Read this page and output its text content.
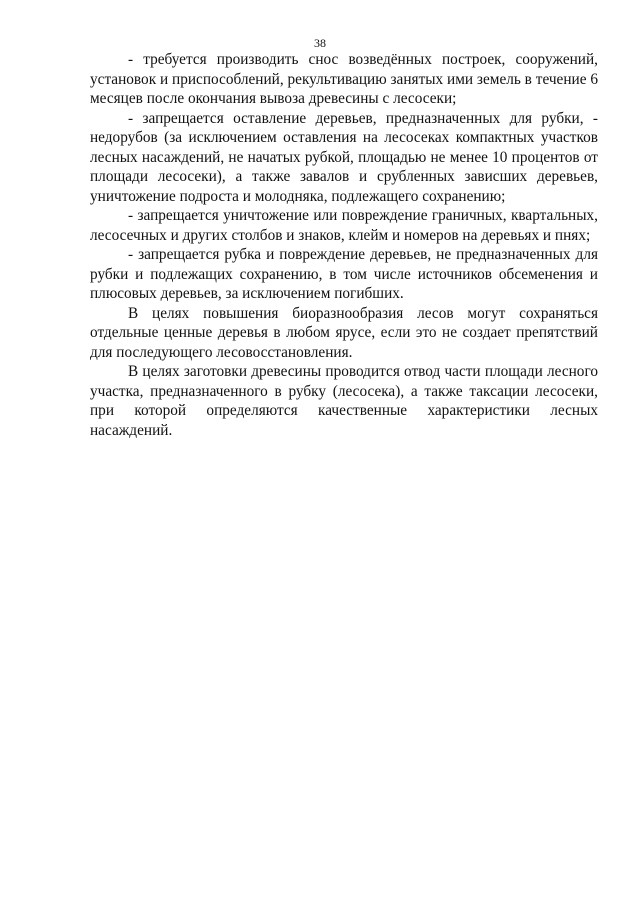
38

- требуется производить снос возведённых построек, сооружений, установок и приспособлений, рекультивацию занятых ими земель в течение 6 месяцев после окончания вывоза древесины с лесосеки;

- запрещается оставление деревьев, предназначенных для рубки, - недорубов (за исключением оставления на лесосеках компактных участков лесных насаждений, не начатых рубкой, площадью не менее 10 процентов от площади лесосеки), а также завалов и срубленных зависших деревьев, уничтожение подроста и молодняка, подлежащего сохранению;

- запрещается уничтожение или повреждение граничных, квартальных, лесосечных и других столбов и знаков, клейм и номеров на деревьях и пнях;

- запрещается рубка и повреждение деревьев, не предназначенных для рубки и подлежащих сохранению, в том числе источников обсеменения и плюсовых деревьев, за исключением погибших.

В целях повышения биоразнообразия лесов могут сохраняться отдельные ценные деревья в любом ярусе, если это не создает препятствий для последующего лесовосстановления.

В целях заготовки древесины проводится отвод части площади лесного участка, предназначенного в рубку (лесосека), а также таксации лесосеки, при которой определяются качественные характеристики лесных насаждений.
